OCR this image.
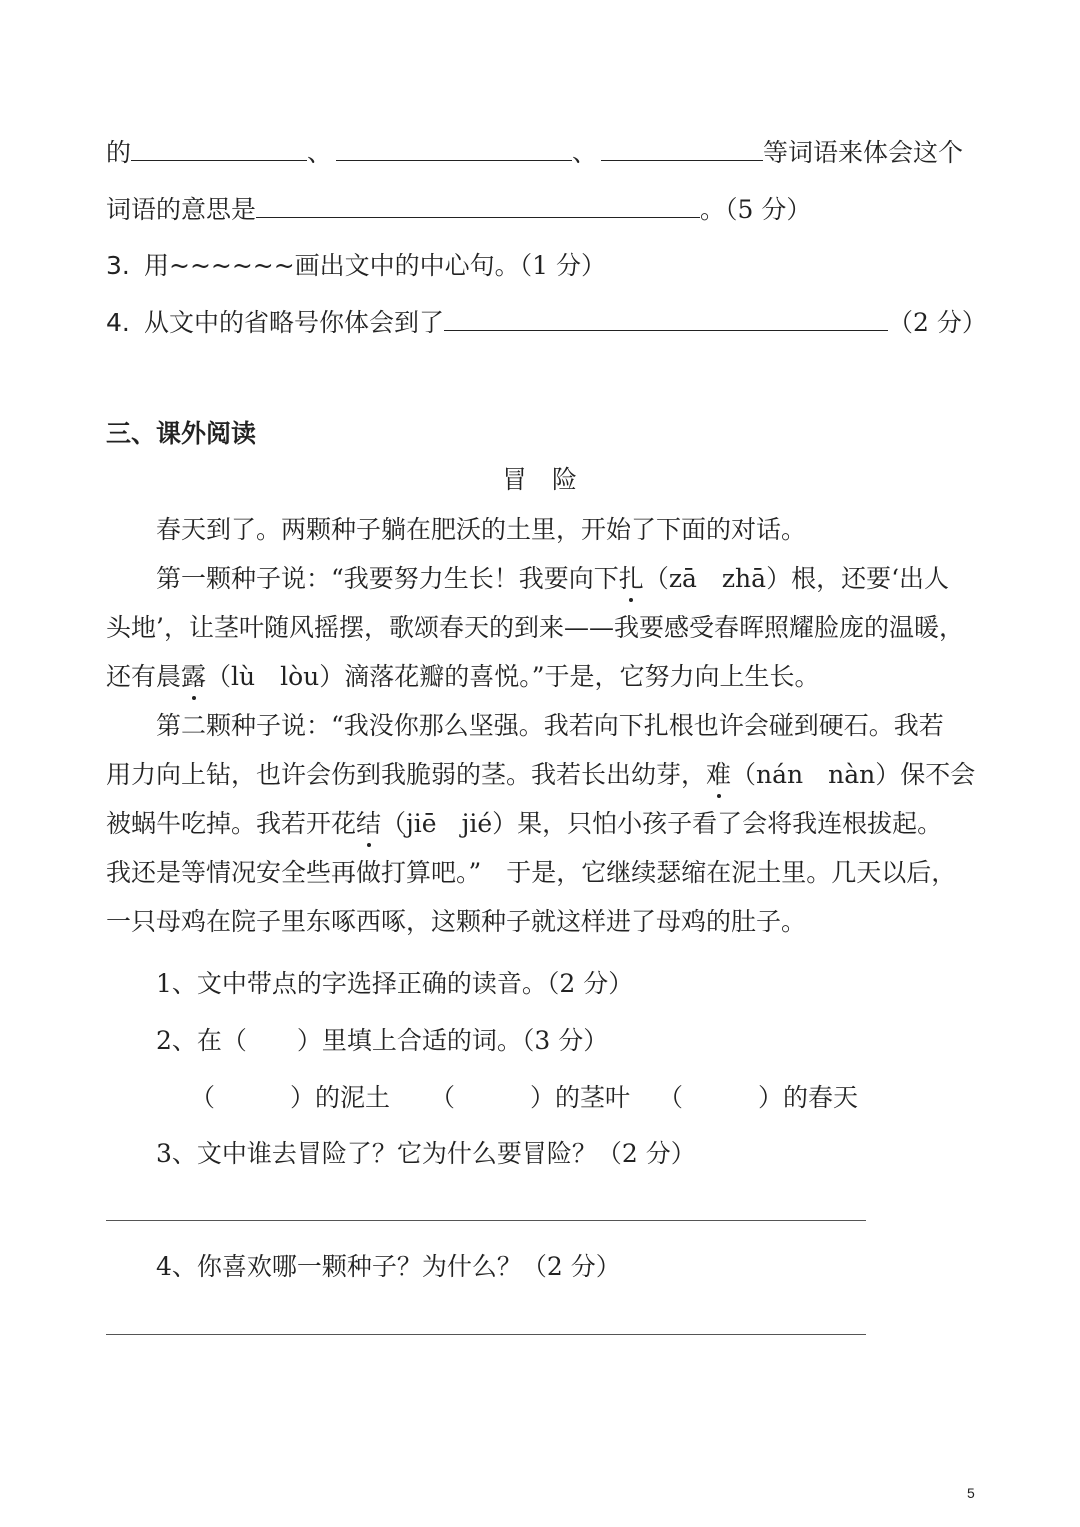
的	、	、	等词语来体会这个
词语的意思是	。（5 分）
3. 用~~~~~~画出文中的中心句。（1 分）
4. 从文中的省略号你体会到了	（2 分）
三、课外阅读
冒　险
春天到了。两颗种子躺在肥沃的土里，开始了下面的对话。
第一颗种子说：“我要努力生长！我要向下扎（zā　zhā）根，还要‘出人
头地’，让茎叶随风摇摆，歌颂春天的到来——我要感受春晖照耀脸庞的温暖，
还有晨露（lù　lòu）滴落花瓣的喜悦。”于是，它努力向上生长。
第二颗种子说：“我没你那么坚强。我若向下扎根也许会碰到硬石。我若
用力向上钻，也许会伤到我脆弱的茎。我若长出幼芽，难（nán　nàn）保不会
被蜗牛吃掉。我若开花结（jiē　jié）果，只怕小孩子看了会将我连根拔起。
我还是等情况安全些再做打算吧。”　于是，它继续瑟缩在泥土里。几天以后，
一只母鸡在院子里东啄西啄，这颗种子就这样进了母鸡的肚子。
1、文中带点的字选择正确的读音。（2 分）
2、在（　　）里填上合适的词。（3 分）
（　　　）的泥土 （　　　）的茎叶 （　　　）的春天
3、文中谁去冒险了？它为什么要冒险？（2 分）
4、你喜欢哪一颗种子？为什么？（2 分）
5
